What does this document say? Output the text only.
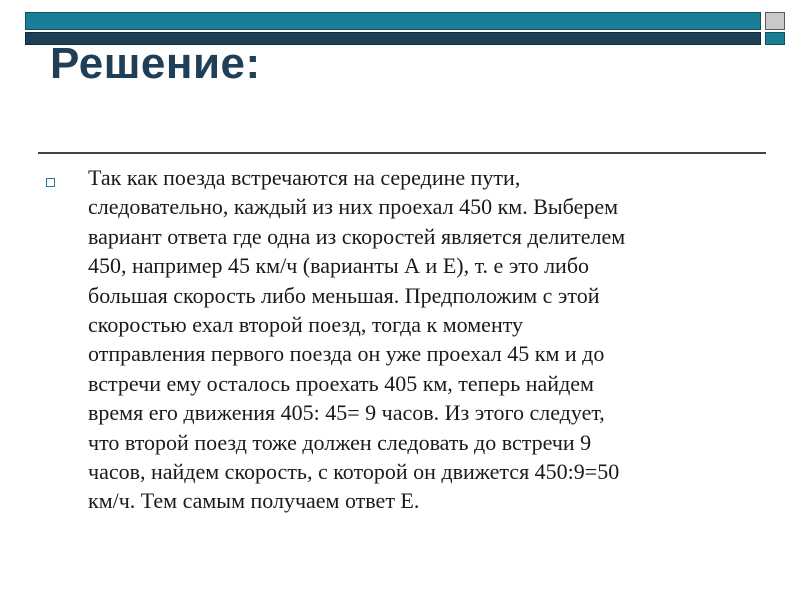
Решение:
Так как поезда встречаются на середине пути,
следовательно, каждый из них проехал 450 км. Выберем
вариант ответа где одна из скоростей является делителем
450, например 45 км/ч (варианты А и Е), т. е это либо
большая скорость либо меньшая. Предположим с этой
скоростью ехал второй поезд, тогда к моменту
отправления первого поезда он уже проехал 45 км и до
встречи ему осталось проехать 405 км, теперь найдем
время его движения 405: 45= 9 часов. Из этого следует,
что второй поезд тоже должен следовать до встречи 9
часов, найдем скорость, с которой он движется 450:9=50
км/ч. Тем самым получаем ответ Е.
